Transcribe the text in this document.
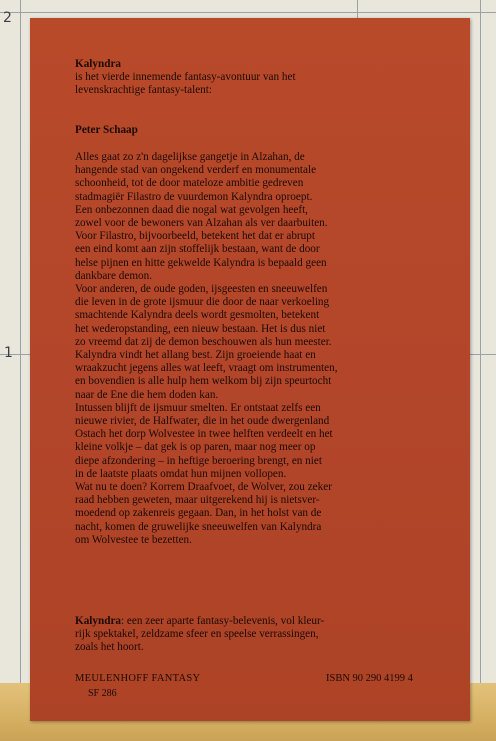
2
1
Kalyndra
is het vierde innemende fantasy-avontuur van het
levenskrachtige fantasy-talent:
Peter Schaap
Alles gaat zo z'n dagelijkse gangetje in Alzahan, de
hangende stad van ongekend verderf en monumentale
schoonheid, tot de door mateloze ambitie gedreven
stadmagiër Filastro de vuurdemon Kalyndra oproept.
Een onbezonnen daad die nogal wat gevolgen heeft,
zowel voor de bewoners van Alzahan als ver daarbuiten.
Voor Filastro, bijvoorbeeld, betekent het dat er abrupt
een eind komt aan zijn stoffelijk bestaan, want de door
helse pijnen en hitte gekwelde Kalyndra is bepaald geen
dankbare demon.
Voor anderen, de oude goden, ijsgeesten en sneeuwelfen
die leven in de grote ijsmuur die door de naar verkoeling
smachtende Kalyndra deels wordt gesmolten, betekent
het wederopstanding, een nieuw bestaan. Het is dus niet
zo vreemd dat zij de demon beschouwen als hun meester.
Kalyndra vindt het allang best. Zijn groeiende haat en
wraakzucht jegens alles wat leeft, vraagt om instrumenten,
en bovendien is alle hulp hem welkom bij zijn speurtocht
naar de Ene die hem doden kan.
Intussen blijft de ijsmuur smelten. Er ontstaat zelfs een
nieuwe rivier, de Halfwater, die in het oude dwergenland
Ostach het dorp Wolvestee in twee helften verdeelt en het
kleine volkje – dat gek is op paren, maar nog meer op
diepe afzondering – in heftige beroering brengt, en niet
in de laatste plaats omdat hun mijnen vollopen.
Wat nu te doen? Korrem Draafvoet, de Wolver, zou zeker
raad hebben geweten, maar uitgerekend hij is nietsver-
moedend op zakenreis gegaan. Dan, in het holst van de
nacht, komen de gruwelijke sneeuwelfen van Kalyndra
om Wolvestee te bezetten.
Kalyndra: een zeer aparte fantasy-belevenis, vol kleur-
rijk spektakel, zeldzame sfeer en speelse verrassingen,
zoals het hoort.
MEULENHOFF FANTASY	ISBN 90 290 4199 4
SF 286
